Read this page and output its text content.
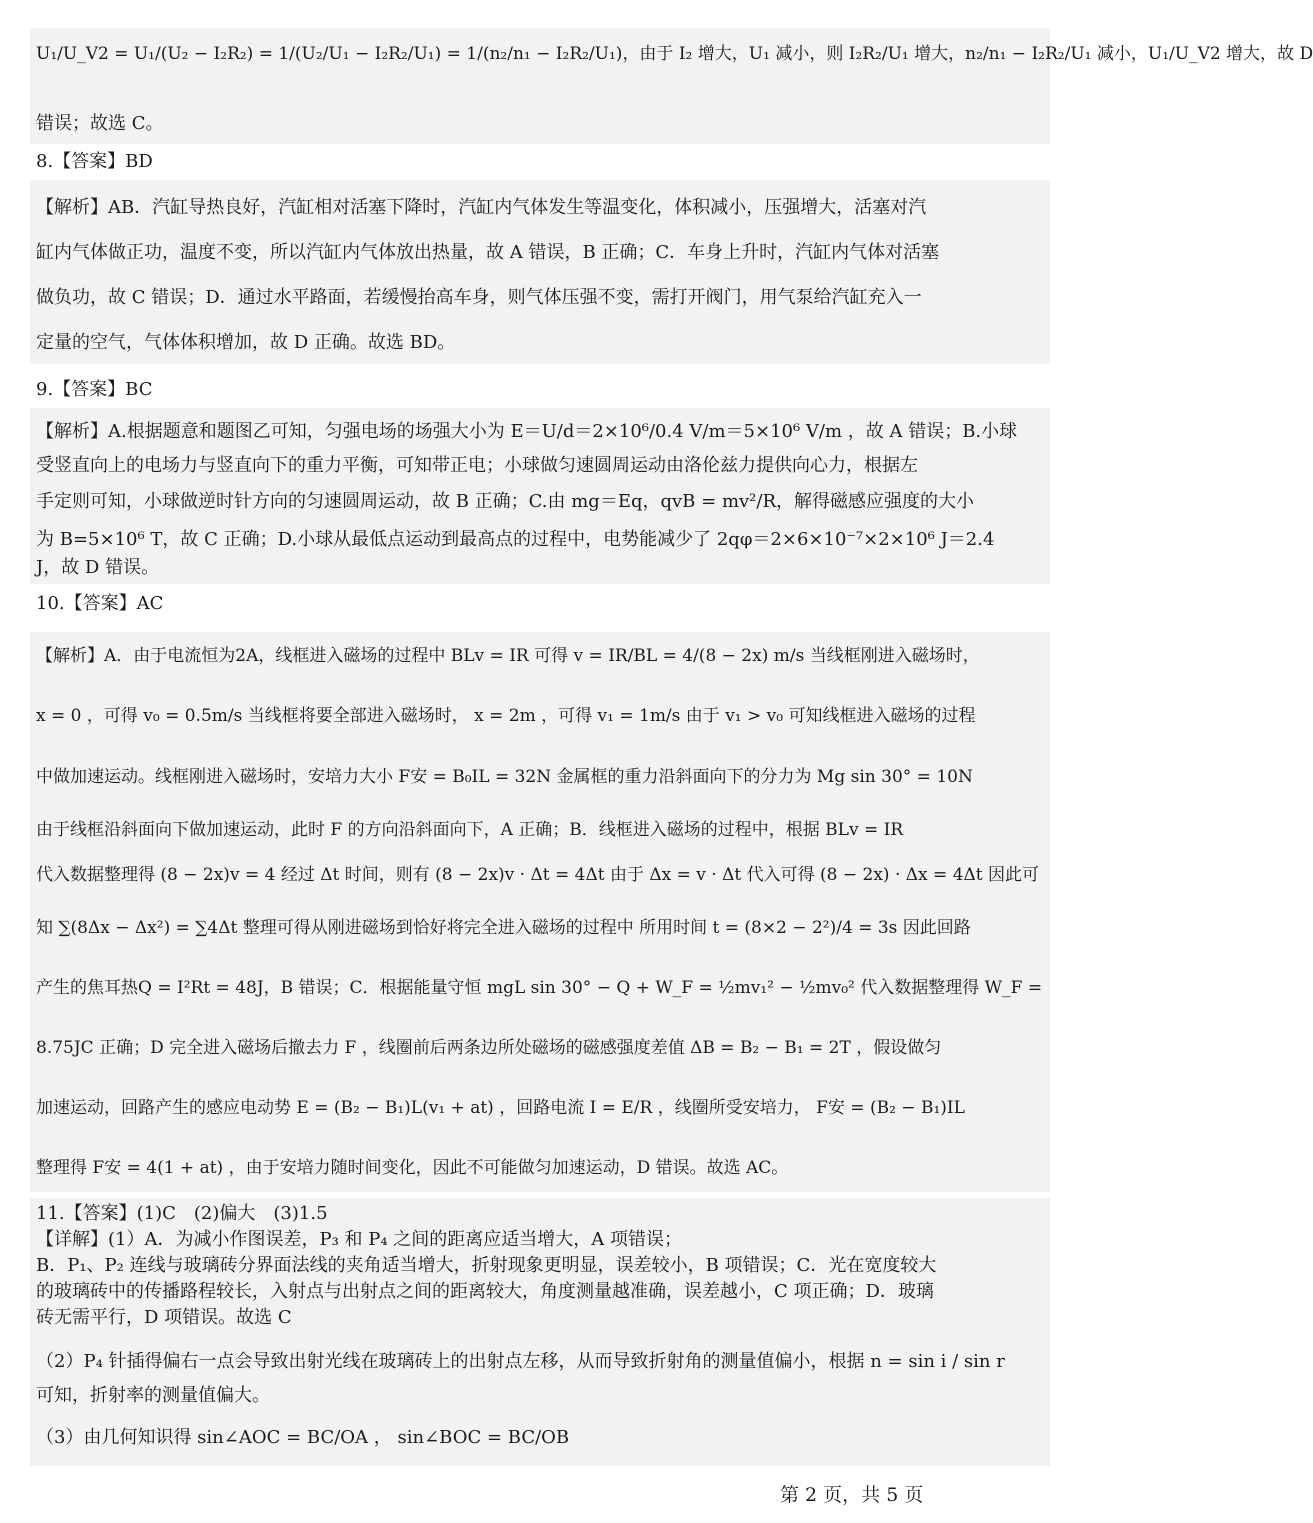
U₁/U_V2 = U₁/(U₂ − I₂R₂) = 1/(U₂/U₁ − I₂R₂/U₁) = 1/(n₂/n₁ − I₂R₂/U₁)，由于 I₂ 增大，U₁ 减小，则 I₂R₂/U₁ 增大，n₂/n₁ − I₂R₂/U₁ 减小，U₁/U_V2 增大，故 D
错误；故选 C。
8.【答案】BD
【解析】AB．汽缸导热良好，汽缸相对活塞下降时，汽缸内气体发生等温变化，体积减小，压强增大，活塞对汽
缸内气体做正功，温度不变，所以汽缸内气体放出热量，故 A 错误，B 正确；C．车身上升时，汽缸内气体对活塞
做负功，故 C 错误；D．通过水平路面，若缓慢抬高车身，则气体压强不变，需打开阀门，用气泵给汽缸充入一
定量的空气，气体体积增加，故 D 正确。故选 BD。
9.【答案】BC
【解析】A.根据题意和题图乙可知，匀强电场的场强大小为 E＝U/d＝2×10⁶/0.4 V/m＝5×10⁶ V/m ，故 A 错误；B.小球
受竖直向上的电场力与竖直向下的重力平衡，可知带正电；小球做匀速圆周运动由洛伦兹力提供向心力，根据左
手定则可知，小球做逆时针方向的匀速圆周运动，故 B 正确；C.由 mg＝Eq，qvB = mv²/R，解得磁感应强度的大小
为 B=5×10⁶ T，故 C 正确；D.小球从最低点运动到最高点的过程中，电势能减少了 2qφ＝2×6×10⁻⁷×2×10⁶ J＝2.4
J，故 D 错误。
10.【答案】AC
【解析】A．由于电流恒为2A，线框进入磁场的过程中 BLv = IR 可得 v = IR/BL = 4/(8 − 2x) m/s 当线框刚进入磁场时，
x = 0 ，可得 v₀ = 0.5m/s 当线框将要全部进入磁场时， x = 2m ，可得 v₁ = 1m/s 由于 v₁ > v₀ 可知线框进入磁场的过程
中做加速运动。线框刚进入磁场时，安培力大小 F安 = B₀IL = 32N 金属框的重力沿斜面向下的分力为 Mg sin 30° = 10N
由于线框沿斜面向下做加速运动，此时 F 的方向沿斜面向下，A 正确；B．线框进入磁场的过程中，根据 BLv = IR
代入数据整理得 (8 − 2x)v = 4 经过 Δt 时间，则有 (8 − 2x)v · Δt = 4Δt 由于 Δx = v · Δt 代入可得 (8 − 2x) · Δx = 4Δt 因此可
知 ∑(8Δx − Δx²) = ∑4Δt 整理可得从刚进磁场到恰好将完全进入磁场的过程中 所用时间 t = (8×2 − 2²)/4 = 3s 因此回路
产生的焦耳热Q = I²Rt = 48J，B 错误；C．根据能量守恒 mgL sin 30° − Q + W_F = ½mv₁² − ½mv₀² 代入数据整理得 W_F =
8.75JC 正确；D 完全进入磁场后撤去力 F ，线圈前后两条边所处磁场的磁感强度差值 ΔB = B₂ − B₁ = 2T ，假设做匀
加速运动，回路产生的感应电动势 E = (B₂ − B₁)L(v₁ + at) ，回路电流 I = E/R ，线圈所受安培力， F安 = (B₂ − B₁)IL
整理得 F安 = 4(1 + at) ，由于安培力随时间变化，因此不可能做匀加速运动，D 错误。故选 AC。
11.【答案】(1)C　(2)偏大　(3)1.5
【详解】(1）A．为减小作图误差，P₃ 和 P₄ 之间的距离应适当增大，A 项错误；
B．P₁、P₂ 连线与玻璃砖分界面法线的夹角适当增大，折射现象更明显，误差较小，B 项错误；C．光在宽度较大
的玻璃砖中的传播路程较长，入射点与出射点之间的距离较大，角度测量越准确，误差越小，C 项正确；D．玻璃
砖无需平行，D 项错误。故选 C
（2）P₄ 针插得偏右一点会导致出射光线在玻璃砖上的出射点左移，从而导致折射角的测量值偏小，根据 n = sin i / sin r
可知，折射率的测量值偏大。
（3）由几何知识得 sin∠AOC = BC/OA ， sin∠BOC = BC/OB
第 2 页，共 5 页
